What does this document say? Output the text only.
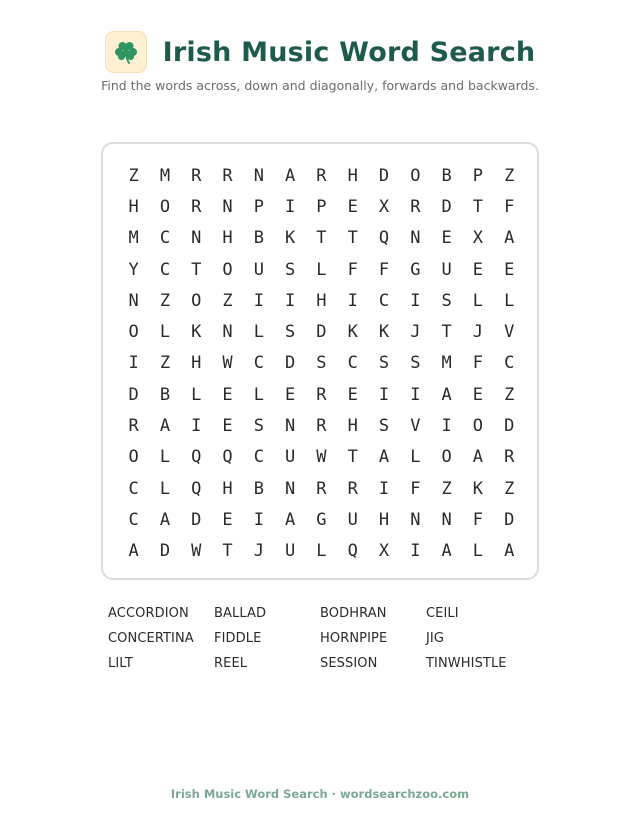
Irish Music Word Search
Find the words across, down and diagonally, forwards and backwards.
Z	M	R	R	N	A	R	H	D	O	B	P	Z
H	O	R	N	P	I	P	E	X	R	D	T	F
M	C	N	H	B	K	T	T	Q	N	E	X	A
Y	C	T	O	U	S	L	F	F	G	U	E	E
N	Z	O	Z	I	I	H	I	C	I	S	L	L
O	L	K	N	L	S	D	K	K	J	T	J	V
I	Z	H	W	C	D	S	C	S	S	M	F	C
D	B	L	E	L	E	R	E	I	I	A	E	Z
R	A	I	E	S	N	R	H	S	V	I	O	D
O	L	Q	Q	C	U	W	T	A	L	O	A	R
C	L	Q	H	B	N	R	R	I	F	Z	K	Z
C	A	D	E	I	A	G	U	H	N	N	F	D
A	D	W	T	J	U	L	Q	X	I	A	L	A
ACCORDION	BALLAD	BODHRAN	CEILI
CONCERTINA	FIDDLE	HORNPIPE	JIG
LILT	REEL	SESSION	TINWHISTLE
Irish Music Word Search · wordsearchzoo.com
